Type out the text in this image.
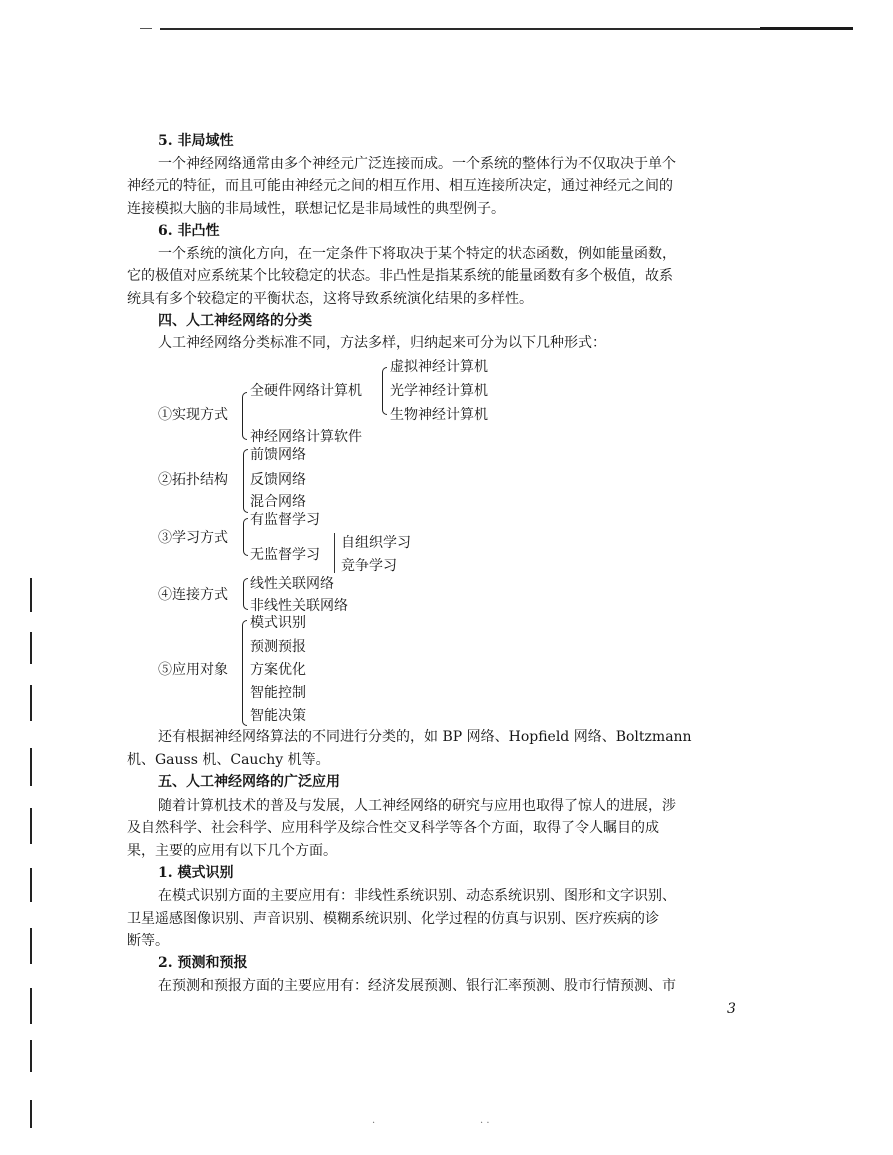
5. 非局域性
一个神经网络通常由多个神经元广泛连接而成。一个系统的整体行为不仅取决于单个
神经元的特征，而且可能由神经元之间的相互作用、相互连接所决定，通过神经元之间的
连接模拟大脑的非局域性，联想记忆是非局域性的典型例子。
6. 非凸性
一个系统的演化方向，在一定条件下将取决于某个特定的状态函数，例如能量函数，
它的极值对应系统某个比较稳定的状态。非凸性是指某系统的能量函数有多个极值，故系
统具有多个较稳定的平衡状态，这将导致系统演化结果的多样性。
四、人工神经网络的分类
人工神经网络分类标准不同，方法多样，归纳起来可分为以下几种形式：
①实现方式
全硬件网络计算机
神经网络计算软件
虚拟神经计算机
光学神经计算机
生物神经计算机
②拓扑结构
前馈网络
反馈网络
混合网络
③学习方式
有监督学习
无监督学习
自组织学习
竞争学习
④连接方式
线性关联网络
非线性关联网络
⑤应用对象
模式识别
预测预报
方案优化
智能控制
智能决策
还有根据神经网络算法的不同进行分类的，如 BP 网络、Hopfield 网络、Boltzmann
机、Gauss 机、Cauchy 机等。
五、人工神经网络的广泛应用
随着计算机技术的普及与发展，人工神经网络的研究与应用也取得了惊人的进展，涉
及自然科学、社会科学、应用科学及综合性交叉科学等各个方面，取得了令人瞩目的成
果，主要的应用有以下几个方面。
1. 模式识别
在模式识别方面的主要应用有：非线性系统识别、动态系统识别、图形和文字识别、
卫星遥感图像识别、声音识别、模糊系统识别、化学过程的仿真与识别、医疗疾病的诊
断等。
2. 预测和预报
在预测和预报方面的主要应用有：经济发展预测、银行汇率预测、股市行情预测、市
3
·	· ·
